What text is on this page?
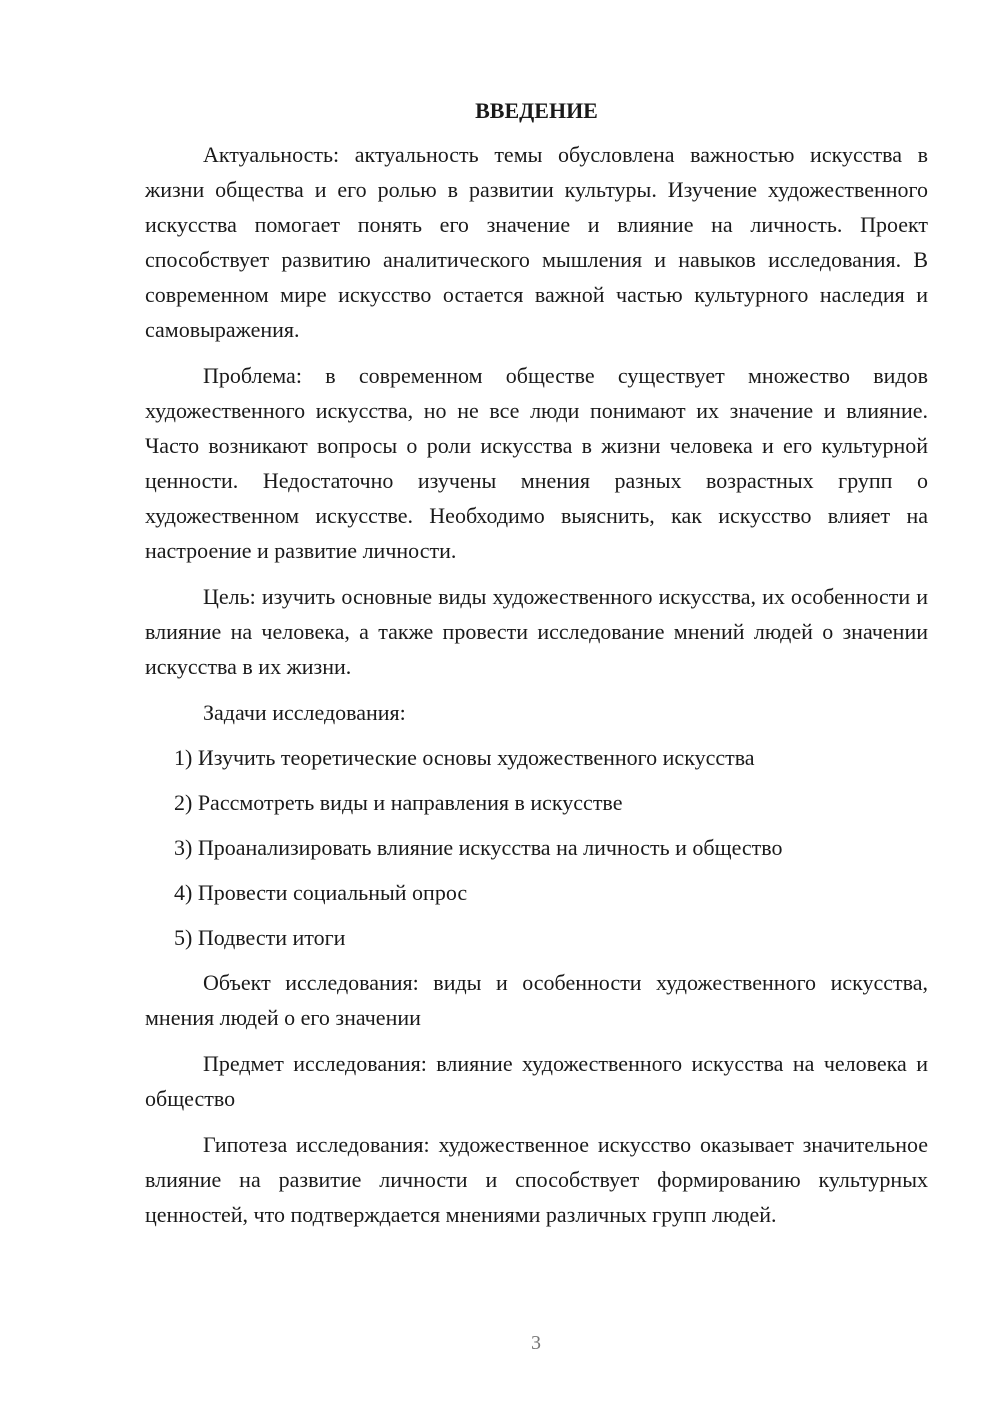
ВВЕДЕНИЕ

Актуальность: актуальность темы обусловлена важностью искусства в жизни общества и его ролью в развитии культуры. Изучение художественного искусства помогает понять его значение и влияние на личность. Проект способствует развитию аналитического мышления и навыков исследования. В современном мире искусство остается важной частью культурного наследия и самовыражения.

Проблема: в современном обществе существует множество видов художественного искусства, но не все люди понимают их значение и влияние. Часто возникают вопросы о роли искусства в жизни человека и его культурной ценности. Недостаточно изучены мнения разных возрастных групп о художественном искусстве. Необходимо выяснить, как искусство влияет на настроение и развитие личности.

Цель: изучить основные виды художественного искусства, их особенности и влияние на человека, а также провести исследование мнений людей о значении искусства в их жизни.

Задачи исследования:

1) Изучить теоретические основы художественного искусства
2) Рассмотреть виды и направления в искусстве
3) Проанализировать влияние искусства на личность и общество
4) Провести социальный опрос
5) Подвести итоги

Объект исследования: виды и особенности художественного искусства, мнения людей о его значении

Предмет исследования: влияние художественного искусства на человека и общество

Гипотеза исследования: художественное искусство оказывает значительное влияние на развитие личности и способствует формированию культурных ценностей, что подтверждается мнениями различных групп людей.

3
